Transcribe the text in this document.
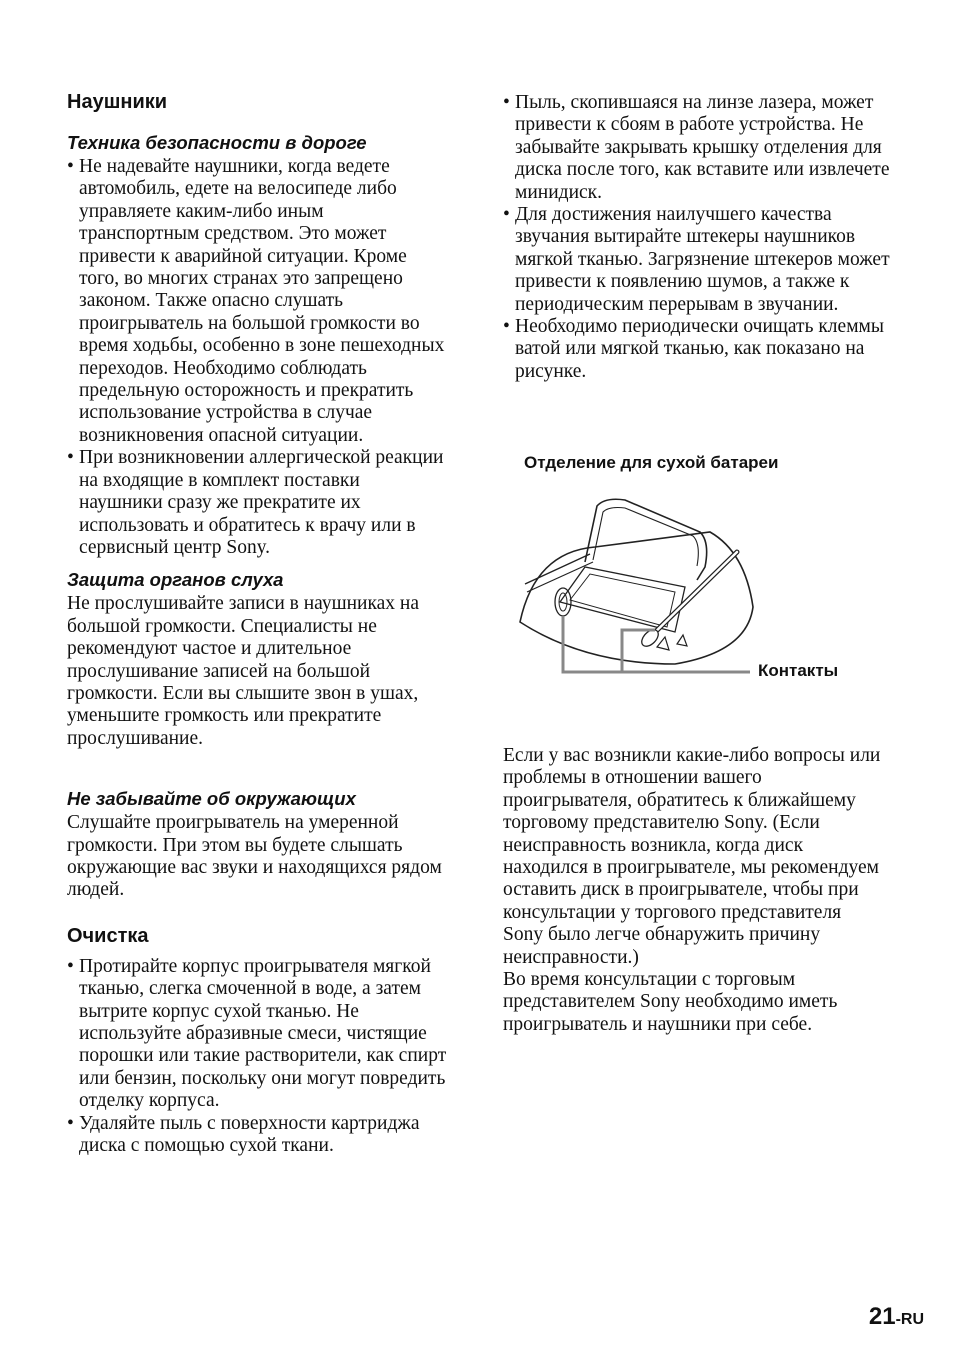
Наушники
Техника безопасности в дороге
• Не надевайте наушники, когда ведете автомобиль, едете на велосипеде либо управляете каким-либо иным транспортным средством. Это может привести к аварийной ситуации. Кроме того, во многих странах это запрещено законом. Также опасно слушать проигрыватель на большой громкости во время ходьбы, особенно в зоне пешеходных переходов. Необходимо соблюдать предельную осторожность и прекратить использование устройства в случае возникновения опасной ситуации.
• При возникновении аллергической реакции на входящие в комплект поставки наушники сразу же прекратите их использовать и обратитесь к врачу или в сервисный центр Sony.
Защита органов слуха

Не прослушивайте записи в наушниках на большой громкости. Специалисты не рекомендуют частое и длительное прослушивание записей на большой громкости. Если вы слышите звон в ушах, уменьшите громкость или прекратите прослушивание.

Не забывайте об окружающих

Слушайте проигрыватель на умеренной громкости. При этом вы будете слышать окружающие вас звуки и находящихся рядом людей.

Очистка
• Протирайте корпус проигрывателя мягкой тканью, слегка смоченной в воде, а затем вытрите корпус сухой тканью. Не используйте абразивные смеси, чистящие порошки или такие растворители, как спирт или бензин, поскольку они могут повредить отделку корпуса.
• Удаляйте пыль с поверхности картриджа диска с помощью сухой ткани.
• Пыль, скопившаяся на линзе лазера, может привести к сбоям в работе устройства. Не забывайте закрывать крышку отделения для диска после того, как вставите или извлечете минидиск.
• Для достижения наилучшего качества звучания вытирайте штекеры наушников мягкой тканью. Загрязнение штекеров может привести к появлению шумов, а также к периодическим перерывам в звучании.
• Необходимо периодически очищать клеммы ватой или мягкой тканью, как показано на рисунке.
Отделение для сухой батареи
Контакты

Если у вас возникли какие-либо вопросы или проблемы в отношении вашего проигрывателя, обратитесь к ближайшему торговому представителю Sony. (Если неисправность возникла, когда диск находился в проигрывателе, мы рекомендуем оставить диск в проигрывателе, чтобы при консультации у торгового представителя Sony было легче обнаружить причину неисправности.)

Во время консультации с торговым представителем Sony необходимо иметь проигрыватель и наушники при себе.

21-RU
